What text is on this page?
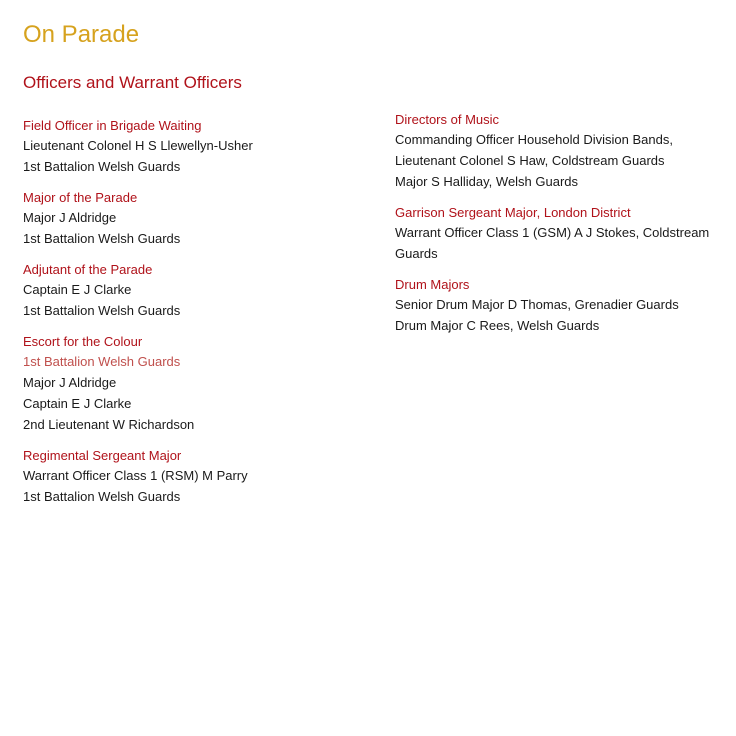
On Parade
Officers and Warrant Officers
Field Officer in Brigade Waiting
Lieutenant Colonel H S Llewellyn-Usher
1st Battalion Welsh Guards
Major of the Parade
Major J Aldridge
1st Battalion Welsh Guards
Adjutant of the Parade
Captain E J Clarke
1st Battalion Welsh Guards
Escort for the Colour
1st Battalion Welsh Guards
Major J Aldridge
Captain E J Clarke
2nd Lieutenant W Richardson
Regimental Sergeant Major
Warrant Officer Class 1 (RSM) M Parry
1st Battalion Welsh Guards
Directors of Music
Commanding Officer Household Division Bands,
Lieutenant Colonel S Haw, Coldstream Guards
Major S Halliday, Welsh Guards
Garrison Sergeant Major, London District
Warrant Officer Class 1 (GSM) A J Stokes, Coldstream Guards
Drum Majors
Senior Drum Major D Thomas, Grenadier Guards
Drum Major C Rees, Welsh Guards
